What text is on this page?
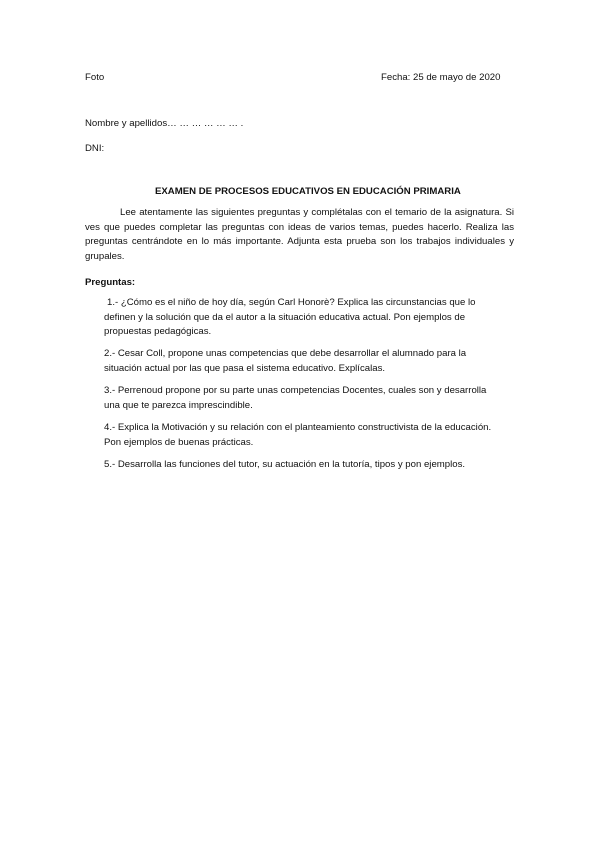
Foto	Fecha: 25 de mayo de 2020
Nombre y apellidos… … … … … … .
DNI:
EXAMEN DE PROCESOS EDUCATIVOS EN EDUCACIÓN PRIMARIA
Lee atentamente las siguientes preguntas y complétalas con el temario de la asignatura. Si ves que puedes completar las preguntas con ideas de varios temas, puedes hacerlo. Realiza las preguntas centrándote en lo más importante. Adjunta esta prueba son los trabajos individuales y grupales.
Preguntas:
1.- ¿Cómo es el niño de hoy día, según Carl Honorè? Explica las circunstancias que lo
definen y la solución que da el autor a la situación educativa actual. Pon ejemplos de
propuestas pedagógicas.
2.- Cesar Coll, propone unas competencias que debe desarrollar el alumnado para la
situación actual por las que pasa el sistema educativo. Explícalas.
3.- Perrenoud propone por su parte unas competencias Docentes, cuales son y desarrolla
una que te parezca imprescindible.
4.- Explica la Motivación y su relación con el planteamiento constructivista de la educación.
Pon ejemplos de buenas prácticas.
5.- Desarrolla las funciones del tutor, su actuación en la tutoría, tipos y pon ejemplos.
